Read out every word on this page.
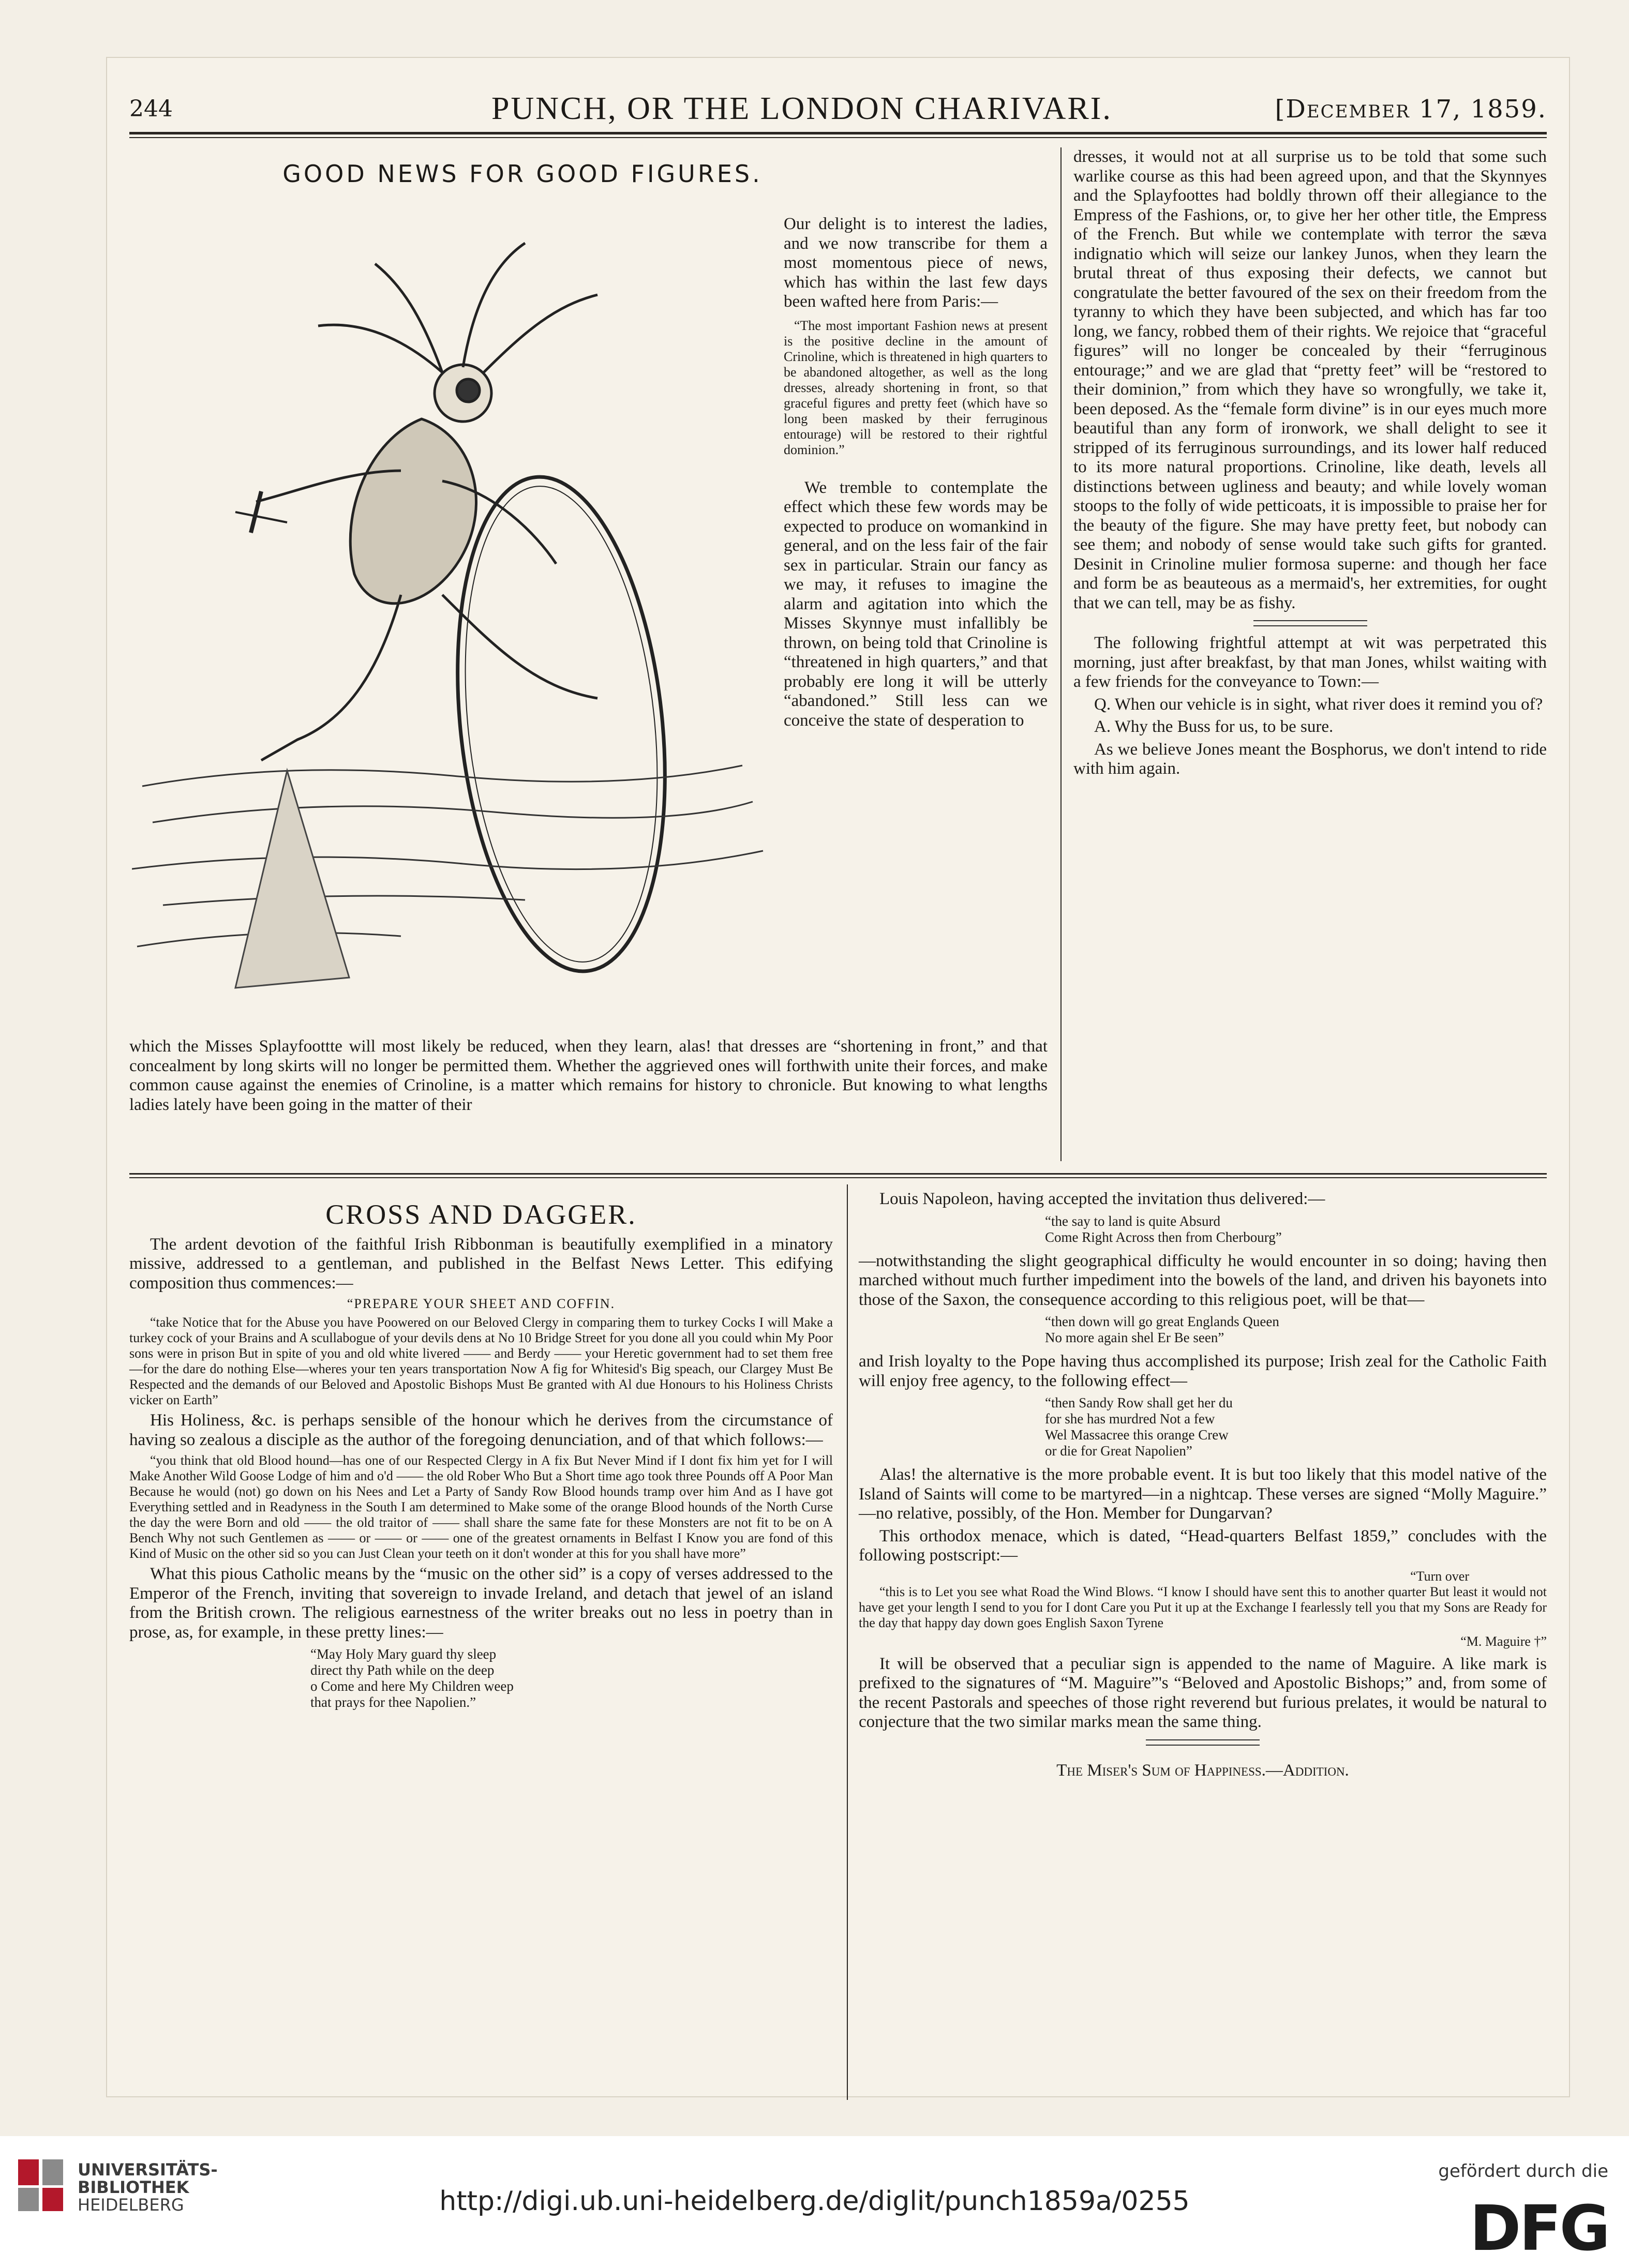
244	PUNCH, OR THE LONDON CHARIVARI.	[December 17, 1859.
GOOD NEWS FOR GOOD FIGURES.

Our delight is to interest the ladies, and we now transcribe for them a most momentous piece of news, which has within the last few days been wafted here from Paris:—

“The most important Fashion news at present is the positive decline in the amount of Crinoline, which is threatened in high quarters to be abandoned altogether, as well as the long dresses, already shortening in front, so that graceful figures and pretty feet (which have so long been masked by their ferruginous entourage) will be restored to their rightful dominion.”

We tremble to contemplate the effect which these few words may be expected to produce on womankind in general, and on the less fair of the fair sex in particular. Strain our fancy as we may, it refuses to imagine the alarm and agitation into which the Misses Skynnye must infallibly be thrown, on being told that Crinoline is “threatened in high quarters,” and that probably ere long it will be utterly “abandoned.” Still less can we conceive the state of desperation to

which the Misses Splayfoottte will most likely be reduced, when they learn, alas! that dresses are “shortening in front,” and that concealment by long skirts will no longer be permitted them. Whether the aggrieved ones will forthwith unite their forces, and make common cause against the enemies of Crinoline, is a matter which remains for history to chronicle. But knowing to what lengths ladies lately have been going in the matter of their

dresses, it would not at all surprise us to be told that some such warlike course as this had been agreed upon, and that the Skynnyes and the Splayfoottes had boldly thrown off their allegiance to the Empress of the Fashions, or, to give her her other title, the Empress of the French. But while we contemplate with terror the sæva indignatio which will seize our lankey Junos, when they learn the brutal threat of thus exposing their defects, we cannot but congratulate the better favoured of the sex on their freedom from the tyranny to which they have been subjected, and which has far too long, we fancy, robbed them of their rights. We rejoice that “graceful figures” will no longer be concealed by their “ferruginous entourage;” and we are glad that “pretty feet” will be “restored to their dominion,” from which they have so wrongfully, we take it, been deposed. As the “female form divine” is in our eyes much more beautiful than any form of ironwork, we shall delight to see it stripped of its ferruginous surroundings, and its lower half reduced to its more natural proportions. Crinoline, like death, levels all distinctions between ugliness and beauty; and while lovely woman stoops to the folly of wide petticoats, it is impossible to praise her for the beauty of the figure. She may have pretty feet, but nobody can see them; and nobody of sense would take such gifts for granted. Desinit in Crinoline mulier formosa superne: and though her face and form be as beauteous as a mermaid's, her extremities, for ought that we can tell, may be as fishy.

The following frightful attempt at wit was perpetrated this morning, just after breakfast, by that man Jones, whilst waiting with a few friends for the conveyance to Town:—

Q. When our vehicle is in sight, what river does it remind you of?

A. Why the Buss for us, to be sure.

As we believe Jones meant the Bosphorus, we don't intend to ride with him again.

CROSS AND DAGGER.

The ardent devotion of the faithful Irish Ribbonman is beautifully exemplified in a minatory missive, addressed to a gentleman, and published in the Belfast News Letter. This edifying composition thus commences:—

“PREPARE YOUR SHEET AND COFFIN.

“take Notice that for the Abuse you have Poowered on our Beloved Clergy in comparing them to turkey Cocks I will Make a turkey cock of your Brains and A scullabogue of your devils dens at No 10 Bridge Street for you done all you could whin My Poor sons were in prison But in spite of you and old white livered —— and Berdy —— your Heretic government had to set them free—for the dare do nothing Else—wheres your ten years transportation Now A fig for Whitesid's Big speach, our Clargey Must Be Respected and the demands of our Beloved and Apostolic Bishops Must Be granted with Al due Honours to his Holiness Christs vicker on Earth”

His Holiness, &c. is perhaps sensible of the honour which he derives from the circumstance of having so zealous a disciple as the author of the foregoing denunciation, and of that which follows:—

“you think that old Blood hound—has one of our Respected Clergy in A fix But Never Mind if I dont fix him yet for I will Make Another Wild Goose Lodge of him and o'd —— the old Rober Who But a Short time ago took three Pounds off A Poor Man Because he would (not) go down on his Nees and Let a Party of Sandy Row Blood hounds tramp over him And as I have got Everything settled and in Readyness in the South I am determined to Make some of the orange Blood hounds of the North Curse the day the were Born and old —— the old traitor of —— shall share the same fate for these Monsters are not fit to be on A Bench Why not such Gentlemen as —— or —— or —— one of the greatest ornaments in Belfast I Know you are fond of this Kind of Music on the other sid so you can Just Clean your teeth on it don't wonder at this for you shall have more”

What this pious Catholic means by the “music on the other sid” is a copy of verses addressed to the Emperor of the French, inviting that sovereign to invade Ireland, and detach that jewel of an island from the British crown. The religious earnestness of the writer breaks out no less in poetry than in prose, as, for example, in these pretty lines:—

“May Holy Mary guard thy sleep
direct thy Path while on the deep
o Come and here My Children weep
that prays for thee Napolien.”

Louis Napoleon, having accepted the invitation thus delivered:—

“the say to land is quite Absurd
Come Right Across then from Cherbourg”

—notwithstanding the slight geographical difficulty he would encounter in so doing; having then marched without much further impediment into the bowels of the land, and driven his bayonets into those of the Saxon, the consequence according to this religious poet, will be that—

“then down will go great Englands Queen
No more again shel Er Be seen”

and Irish loyalty to the Pope having thus accomplished its purpose; Irish zeal for the Catholic Faith will enjoy free agency, to the following effect—

“then Sandy Row shall get her du
for she has murdred Not a few
Wel Massacree this orange Crew
or die for Great Napolien”

Alas! the alternative is the more probable event. It is but too likely that this model native of the Island of Saints will come to be martyred—in a nightcap. These verses are signed “Molly Maguire.” —no relative, possibly, of the Hon. Member for Dungarvan?

This orthodox menace, which is dated, “Head-quarters Belfast 1859,” concludes with the following postscript:—

“Turn over

“this is to Let you see what Road the Wind Blows. “I know I should have sent this to another quarter But least it would not have get your length I send to you for I dont Care you Put it up at the Exchange I fearlessly tell you that my Sons are Ready for the day that happy day down goes English Saxon Tyrene

“M. Maguire †”

It will be observed that a peculiar sign is appended to the name of Maguire. A like mark is prefixed to the signatures of “M. Maguire”'s “Beloved and Apostolic Bishops;” and, from some of the recent Pastorals and speeches of those right reverend but furious prelates, it would be natural to conjecture that the two similar marks mean the same thing.

The Miser's Sum of Happiness.—Addition.

UNIVERSITÄTS-
BIBLIOTHEK
HEIDELBERG	http://digi.ub.uni-heidelberg.de/diglit/punch1859a/0255
gefördert durch die
DFG
